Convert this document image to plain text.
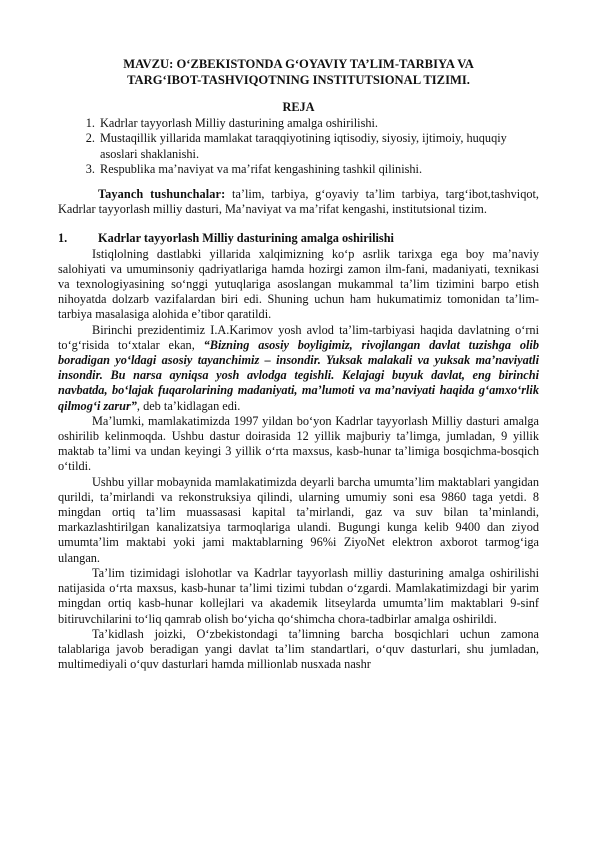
MAVZU: O‘ZBEKISTONDA G‘OYAVIY TA’LIM-TARBIYA VA
TARG‘IBOT-TASHVIQOTNING INSTITUTSIONAL TIZIMI.
REJA
1. Kadrlar tayyorlash Milliy dasturining amalga oshirilishi.
2. Mustaqillik yillarida mamlakat taraqqiyotining iqtisodiy, siyosiy, ijtimoiy, huquqiy asoslari shaklanishi.
3. Respublika ma’naviyat va ma’rifat kengashining tashkil qilinishi.

Tayanch tushunchalar: ta’lim, tarbiya, g‘oyaviy ta’lim tarbiya, targ‘ibot,tashviqot, Kadrlar tayyorlash milliy dasturi, Ma’naviyat va ma’rifat kengashi, institutsional tizim.

1.	Kadrlar tayyorlash Milliy dasturining amalga oshirilishi

Istiqlolning dastlabki yillarida xalqimizning ko‘p asrlik tarixga ega boy ma’naviy salohiyati va umuminsoniy qadriyatlariga hamda hozirgi zamon ilm-fani, madaniyati, texnikasi va texnologiyasining so‘nggi yutuqlariga asoslangan mukammal ta’lim tizimini barpo etish nihoyatda dolzarb vazifalardan biri edi. Shuning uchun ham hukumatimiz tomonidan ta’lim-tarbiya masalasiga alohida e’tibor qaratildi.

Birinchi prezidentimiz I.A.Karimov yosh avlod ta’lim-tarbiyasi haqida davlatning o‘rni to‘g‘risida to‘xtalar ekan, “Bizning asosiy boyligimiz, rivojlangan davlat tuzishga olib boradigan yo‘ldagi asosiy tayanchimiz – insondir. Yuksak malakali va yuksak ma’naviyatli insondir. Bu narsa ayniqsa yosh avlodga tegishli. Kelajagi buyuk davlat, eng birinchi navbatda, bo‘lajak fuqarolarining madaniyati, ma’lumoti va ma’naviyati haqida g‘amxo‘rlik qilmog‘i zarur”, deb ta’kidlagan edi.

Ma’lumki, mamlakatimizda 1997 yildan bo‘yon Kadrlar tayyorlash Milliy dasturi amalga oshirilib kelinmoqda. Ushbu dastur doirasida 12 yillik majburiy ta’limga, jumladan, 9 yillik maktab ta’limi va undan keyingi 3 yillik o‘rta maxsus, kasb-hunar ta’limiga bosqichma-bosqich o‘tildi.

Ushbu yillar mobaynida mamlakatimizda deyarli barcha umumta’lim maktablari yangidan qurildi, ta’mirlandi va rekonstruksiya qilindi, ularning umumiy soni esa 9860 taga yetdi. 8 mingdan ortiq ta’lim muassasasi kapital ta’mirlandi, gaz va suv bilan ta’minlandi, markazlashtirilgan kanalizatsiya tarmoqlariga ulandi. Bugungi kunga kelib 9400 dan ziyod umumta’lim maktabi yoki jami maktablarning 96%i ZiyoNet elektron axborot tarmog‘iga ulangan.

Ta’lim tizimidagi islohotlar va Kadrlar tayyorlash milliy dasturining amalga oshirilishi natijasida o‘rta maxsus, kasb-hunar ta’limi tizimi tubdan o‘zgardi. Mamlakatimizdagi bir yarim mingdan ortiq kasb-hunar kollejlari va akademik litseylarda umumta’lim maktablari 9-sinf bitiruvchilarini to‘liq qamrab olish bo‘yicha qo‘shimcha chora-tadbirlar amalga oshirildi.

Ta’kidlash joizki, O‘zbekistondagi ta’limning barcha bosqichlari uchun zamona talablariga javob beradigan yangi davlat ta’lim standartlari, o‘quv dasturlari, shu jumladan, multimediyali o‘quv dasturlari hamda millionlab nusxada nashr
